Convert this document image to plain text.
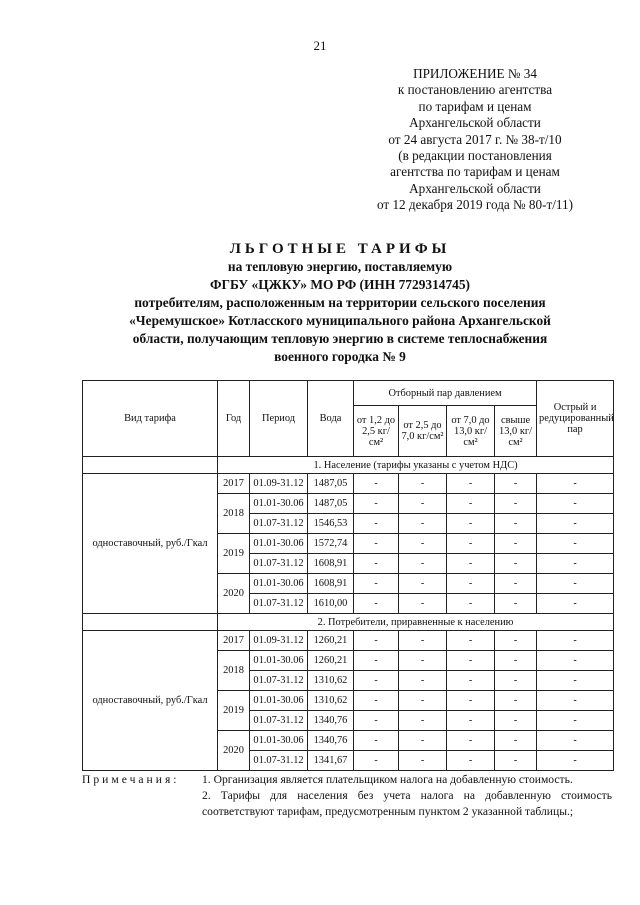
21
ПРИЛОЖЕНИЕ № 34
к постановлению агентства
по тарифам и ценам
Архангельской области
от 24 августа 2017 г. № 38-т/10
(в редакции постановления
агентства по тарифам и ценам
Архангельской области
от 12 декабря 2019 года № 80-т/11)
ЛЬГОТНЫЕ ТАРИФЫ
на тепловую энергию, поставляемую
ФГБУ «ЦЖКУ» МО РФ (ИНН 7729314745)
потребителям, расположенным на территории сельского поселения
«Черемушское» Котласского муниципального района Архангельской
области, получающим тепловую энергию в системе теплоснабжения
военного городка № 9
Вид тарифа	Год	Период	Вода	Отборный пар давлением				Острый и редуцированный пар
				от 1,2 до 2,5 кг/см²	от 2,5 до 7,0 кг/см²	от 7,0 до 13,0 кг/см²	свыше 13,0 кг/см²	
	1. Население (тарифы указаны с учетом НДС)							
одноставочный, руб./Гкал	2017	01.09-31.12	1487,05	-	-	-	-	-
	2018	01.01-30.06	1487,05	-	-	-	-	-
		01.07-31.12	1546,53	-	-	-	-	-
	2019	01.01-30.06	1572,74	-	-	-	-	-
		01.07-31.12	1608,91	-	-	-	-	-
	2020	01.01-30.06	1608,91	-	-	-	-	-
		01.07-31.12	1610,00	-	-	-	-	-
	2. Потребители, приравненные к населению							
одноставочный, руб./Гкал	2017	01.09-31.12	1260,21	-	-	-	-	-
	2018	01.01-30.06	1260,21	-	-	-	-	-
		01.07-31.12	1310,62	-	-	-	-	-
	2019	01.01-30.06	1310,62	-	-	-	-	-
		01.07-31.12	1340,76	-	-	-	-	-
	2020	01.01-30.06	1340,76	-	-	-	-	-
		01.07-31.12	1341,67	-	-	-	-	-
Примечания: 1. Организация является плательщиком налога на добавленную стоимость.

2. Тарифы для населения без учета налога на добавленную стоимость соответствуют тарифам, предусмотренным пунктом 2 указанной таблицы.;
